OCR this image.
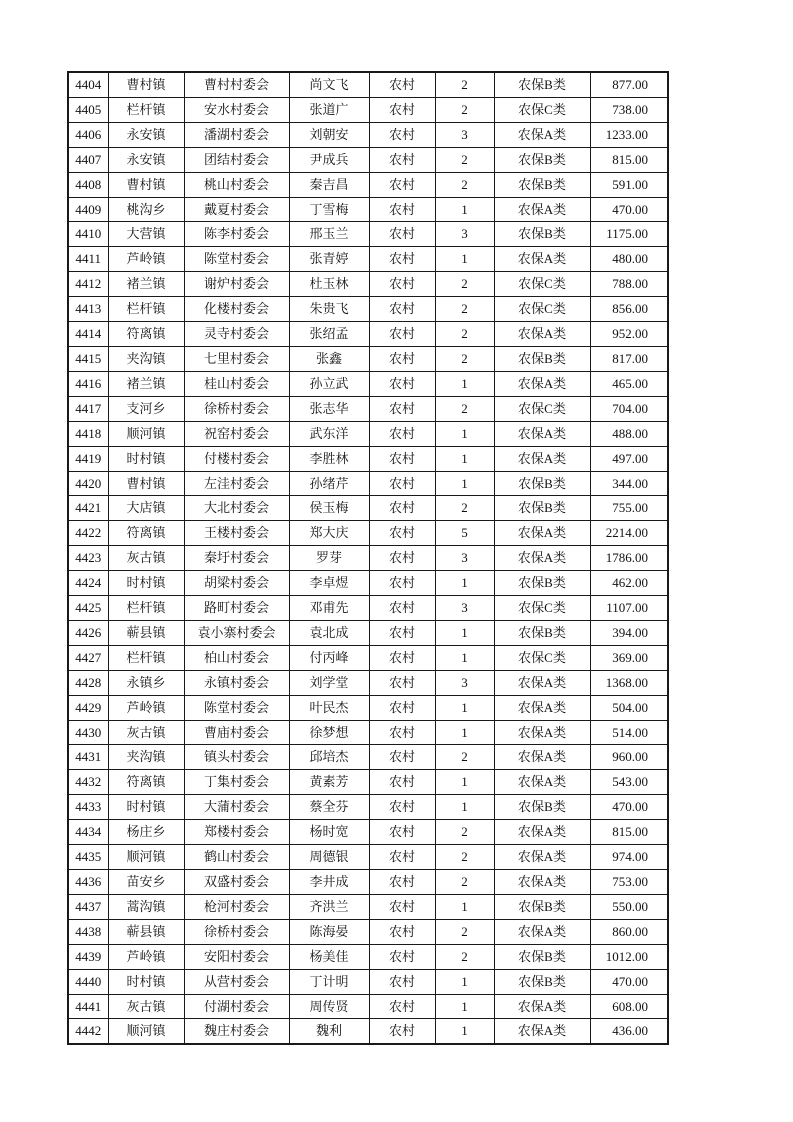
4404	曹村镇	曹村村委会	尚文飞	农村	2	农保B类	877.00
4405	栏杆镇	安水村委会	张道广	农村	2	农保C类	738.00
4406	永安镇	潘湖村委会	刘朝安	农村	3	农保A类	1233.00
4407	永安镇	团结村委会	尹成兵	农村	2	农保B类	815.00
4408	曹村镇	桃山村委会	秦吉昌	农村	2	农保B类	591.00
4409	桃沟乡	戴夏村委会	丁雪梅	农村	1	农保A类	470.00
4410	大营镇	陈李村委会	邢玉兰	农村	3	农保B类	1175.00
4411	芦岭镇	陈堂村委会	张青婷	农村	1	农保A类	480.00
4412	褚兰镇	谢炉村委会	杜玉林	农村	2	农保C类	788.00
4413	栏杆镇	化楼村委会	朱贵飞	农村	2	农保C类	856.00
4414	符离镇	灵寺村委会	张绍孟	农村	2	农保A类	952.00
4415	夹沟镇	七里村委会	张鑫	农村	2	农保B类	817.00
4416	褚兰镇	桂山村委会	孙立武	农村	1	农保A类	465.00
4417	支河乡	徐桥村委会	张志华	农村	2	农保C类	704.00
4418	顺河镇	祝窑村委会	武东洋	农村	1	农保A类	488.00
4419	时村镇	付楼村委会	李胜林	农村	1	农保A类	497.00
4420	曹村镇	左洼村委会	孙绪芹	农村	1	农保B类	344.00
4421	大店镇	大北村委会	侯玉梅	农村	2	农保B类	755.00
4422	符离镇	王楼村委会	郑大庆	农村	5	农保A类	2214.00
4423	灰古镇	秦圩村委会	罗芽	农村	3	农保A类	1786.00
4424	时村镇	胡梁村委会	李卓煜	农村	1	农保B类	462.00
4425	栏杆镇	路町村委会	邓甫先	农村	3	农保C类	1107.00
4426	蕲县镇	袁小寨村委会	袁北成	农村	1	农保B类	394.00
4427	栏杆镇	柏山村委会	付丙峰	农村	1	农保C类	369.00
4428	永镇乡	永镇村委会	刘学堂	农村	3	农保A类	1368.00
4429	芦岭镇	陈堂村委会	叶民杰	农村	1	农保A类	504.00
4430	灰古镇	曹庙村委会	徐梦想	农村	1	农保A类	514.00
4431	夹沟镇	镇头村委会	邱培杰	农村	2	农保A类	960.00
4432	符离镇	丁集村委会	黄素芳	农村	1	农保A类	543.00
4433	时村镇	大蒲村委会	蔡全芬	农村	1	农保B类	470.00
4434	杨庄乡	郑楼村委会	杨时宽	农村	2	农保A类	815.00
4435	顺河镇	鹤山村委会	周德银	农村	2	农保A类	974.00
4436	苗安乡	双盛村委会	李井成	农村	2	农保A类	753.00
4437	蒿沟镇	枪河村委会	齐洪兰	农村	1	农保B类	550.00
4438	蕲县镇	徐桥村委会	陈海晏	农村	2	农保A类	860.00
4439	芦岭镇	安阳村委会	杨美佳	农村	2	农保B类	1012.00
4440	时村镇	从营村委会	丁计明	农村	1	农保B类	470.00
4441	灰古镇	付湖村委会	周传贤	农村	1	农保A类	608.00
4442	顺河镇	魏庄村委会	魏利	农村	1	农保A类	436.00
